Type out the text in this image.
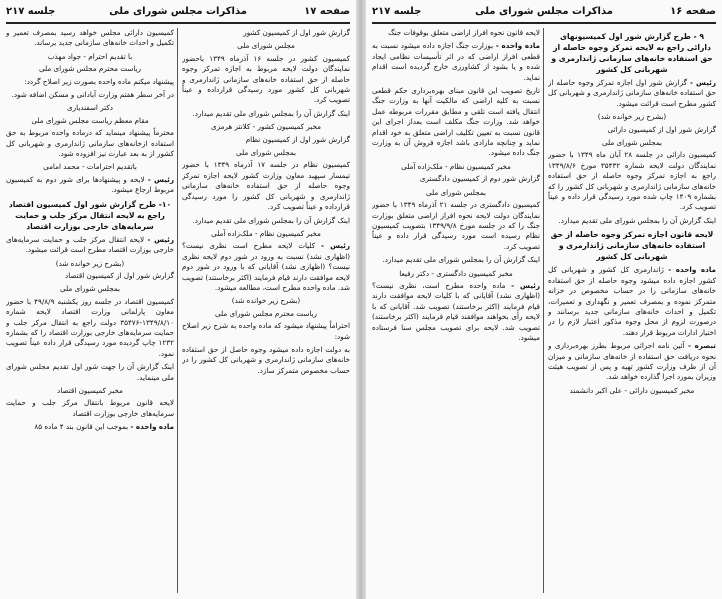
صفحه ۱۷
مذاکرات مجلس شورای ملی
جلسه ۲۱۷
گزارش شور اول از کمیسیون کشور
مجلس شورای ملی
کمیسیون کشور در جلسه ۱۶ آذرماه ۱۳۴۹ باحضور نمایندگان دولت لایحه مربوط به اجازه تمرکز وجوه حاصله از حق استفاده خانه‌های سازمانی ژاندارمری و شهربانی کل کشور مورد رسیدگی قرارداده و عیناً تصویب کرد.
اینک گزارش آن را بمجلس شورای ملی تقدیم میدارد.
مخبر کمیسیون کشور - کلانتر هرمزی
گزارش شور اول از کمیسیون نظام
بمجلس شورای ملی
کمیسیون نظام در جلسه ۱۷ آذرماه ۱۳۴۹ با حضور تیمسار سپهبد معاون وزارت کشور لایحه اجازه تمرکز وجوه حاصله از حق استفاده خانه‌های سازمانی ژاندارمری و شهربانی کل کشور را مورد رسیدگی قرارداده و عیناً تصویب کرد.
اینک گزارش آن را بمجلس شورای ملی تقدیم میدارد.
مخبر کمیسیون نظام - ملک‌زاده آملی
رئیس - کلیات لایحه مطرح است نظری نیست؟ (اظهاری نشد) نسبت به ورود در شور دوم لایحه نظری نیست؟ (اظهاری نشد) آقایانی که با ورود در شور دوم لایحه موافقت دارند قیام فرمایند (اکثر برخاستند) تصویب شد. ماده واحده مطرح است، مطالعه میشود.
(بشرح زیر خوانده شد)
ریاست محترم مجلس شورای ملی
احتراماً پیشنهاد میشود که ماده واحده به شرح زیر اصلاح شود:
به دولت اجازه داده میشود وجوه حاصل از حق استفاده خانه‌های سازمانی ژاندارمری و شهربانی کل کشور را در حساب مخصوص متمرکز سازد.
کمیسیون دارائی مجلس خواهد رسید بمصرف تعمیر و تکمیل و احداث خانه‌های سازمانی جدید برساند.
با تقدیم احترام - جواد مهذب
ریاست محترم مجلس شورای ملی
پیشنهاد میکنم ماده واحده بصورت زیر اصلاح گردد:
در آخر سطر هفتم وزارت آبادانی و مسکن اضافه شود.
دکتر اسفندیاری
مقام معظم ریاست مجلس شورای ملی
محترماً پیشنهاد مینماید که درماده واحده مربوط به حق استفاده ازخانه‌های سازمانی ژاندارمری و شهربانی کل کشور از به بعد عبارت نیز افزوده شود.
باتقدیم احترامات - محمد امامی
رئیس - لایحه و پیشنهادها برای شور دوم به کمیسیون مربوط ارجاع میشود.
۱۰- طرح گزارش شور اول کمیسیون اقتصاد راجع به لایحه انتقال مرکز جلب و حمایت سرمایه‌های خارجی بوزارت اقتصاد
رئیس - لایحه انتقال مرکز جلب و حمایت سرمایه‌های خارجی بوزارت اقتصاد مطرح است قرائت میشود.
(بشرح زیر خوانده شد)
گزارش شور اول از کمیسیون اقتصاد
بمجلس شورای ملی
کمیسیون اقتصاد در جلسه روز یکشنبه ۴۹/۸/۹ با حضور معاون پارلمانی وزارت اقتصاد لایحه شماره ۱۳۴۹/۸/۱۰-۳۵۴۷۶ دولت راجع به انتقال مرکز جلب و حمایت سرمایه‌های خارجی بوزارت اقتصاد را که بشماره ۱۲۳۲ چاپ گردیده مورد رسیدگی قرار داده عیناً تصویب نمود.
اینک گزارش آن را جهت شور اول تقدیم مجلس شورای ملی مینماید.
مخبر کمیسیون اقتصاد
لایحه قانون مربوط بانتقال مرکز جلب و حمایت سرمایه‌های خارجی بوزارت اقتصاد
ماده واحده - بموجب این قانون بند ۴ ماده ۸۵
صفحه ۱۶
مذاکرات مجلس شورای ملی
جلسه ۲۱۷
۹ - طرح گزارش شور اول کمیسیونهای دارائی راجع به لایحه تمرکز وجوه حاصله از حق استفاده خانه‌های سازمانی ژاندارمری و شهربانی کل کشور
رئیس - گزارش شور اول اجازه تمرکز وجوه حاصله از حق استفاده خانه‌های سازمانی ژاندارمری و شهربانی کل کشور مطرح است قرائت میشود.
(بشرح زیر خوانده شد)
گزارش شور اول از کمیسیون دارائی
بمجلس شورای ملی
کمیسیون دارائی در جلسه ۲۸ آبان ماه ۱۳۴۹ با حضور نمایندگان دولت لایحه شماره ۳۵۴۳۲ مورخ ۱۳۴۹/۸/۶ راجع به اجازه تمرکز وجوه حاصله از حق استفاده خانه‌های سازمانی ژاندارمری و شهربانی کل کشور را که بشماره ۱۴۰۹ چاپ شده مورد رسیدگی قرار داده و عیناً تصویب کرد.
اینک گزارش آن را بمجلس شورای ملی تقدیم میدارد.
لایحه قانون اجازه تمرکز وجوه حاصله از حق استفاده خانه‌های سازمانی ژاندارمری و شهربانی کل کشور
ماده واحده - ژاندارمری کل کشور و شهربانی کل کشور اجازه داده میشود وجوه حاصله از حق استفاده خانه‌های سازمانی را در حساب مخصوص در خزانه متمرکز نموده و بمصرف تعمیر و نگهداری و تعمیرات، تکمیل و احداث خانه‌های سازمانی جدید برسانند و درصورت لزوم از محل وجوه مذکور اعتبار لازم را در اختیار ادارات مربوط قرار دهند.
تبصره - آئین نامه اجرائی مربوط بطرز بهره‌برداری و نحوه دریافت حق استفاده از خانه‌های سازمانی و میزان آن از طرف وزارت کشور تهیه و پس از تصویب هیئت وزیران بمورد اجرا گذارده خواهد شد.
مخبر کمیسیون دارائی - علی اکبر دانشمند
لایحه قانون نحوه افراز اراضی متعلق بوقوفات جنگ
ماده واحده - بوزارت جنگ اجازه داده میشود نسبت به قطعی افراز اراضی که در اثر تأسیسات نظامی ایجاد شده و یا بشود از کشاورزی خارج گردیده است اقدام نماید.
تاریخ تصویب این قانون مبنای بهره‌برداری حکم قطعی نسبت به کلیه اراضی که مالکیت آنها به وزارت جنگ انتقال یافته است تلقی و مطابق مقررات مربوطه عمل خواهد شد. وزارت جنگ مکلف است بعداز اجرای این قانون نسبت به تعیین تکلیف اراضی متعلق به خود اقدام نماید و چنانچه مازادی باشد اجازه فروش آن به وزارت جنگ داده میشود.
مخبر کمیسیون نظام - ملک‌زاده آملی
گزارش شور دوم از کمیسیون دادگستری
بمجلس شورای ملی
کمیسیون دادگستری در جلسه ۲۱ آذرماه ۱۳۴۹ با حضور نمایندگان دولت لایحه نحوه افراز اراضی متعلق بوزارت جنگ را که در جلسه مورخ ۱۳۴۹/۹/۸ بتصویب کمیسیون نظام رسیده است مورد رسیدگی قرار داده و عیناً تصویب کرد.
اینک گزارش آن را بمجلس شورای ملی تقدیم میدارد.
مخبر کمیسیون دادگستری - دکتر رفیعا
رئیس - ماده واحده مطرح است، نظری نیست؟ (اظهاری نشد) آقایانی که با کلیات لایحه موافقت دارند قیام فرمایند (اکثر برخاستند) تصویب شد. آقایانی که با لایحه رأی بخواهند موافقند قیام فرمایند (اکثر برخاستند) تصویب شد. لایحه برای تصویب مجلس سنا فرستاده میشود.
